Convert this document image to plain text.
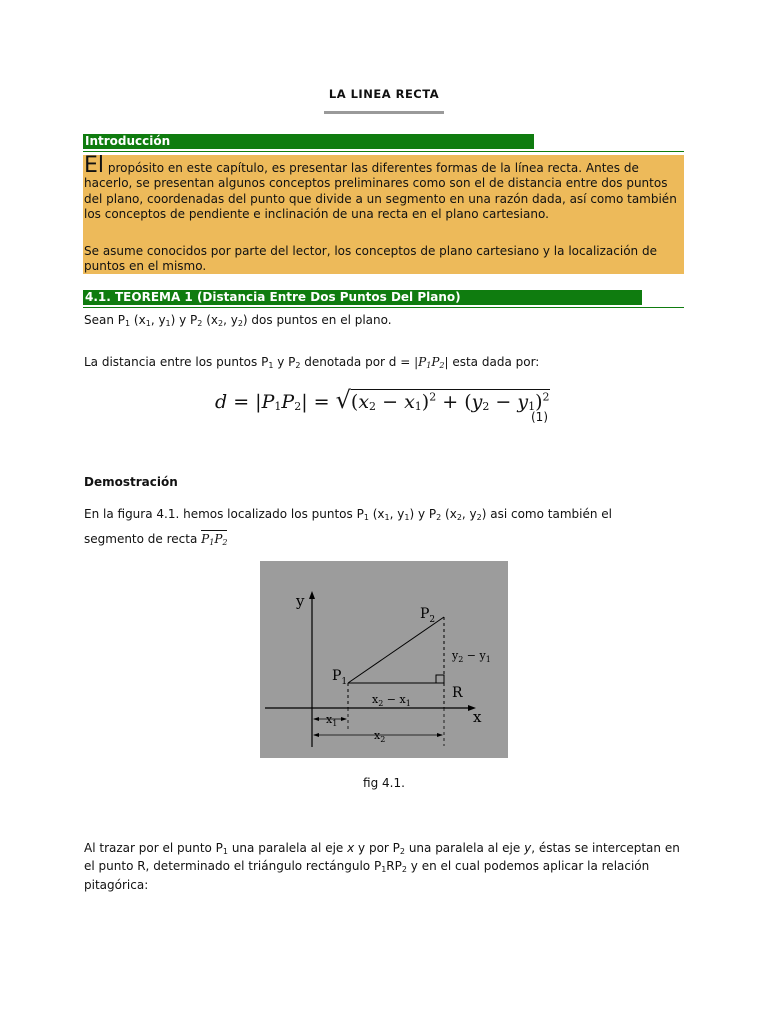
LA LINEA RECTA
Introducción
El propósito en este capítulo, es presentar las diferentes formas de la línea recta. Antes de hacerlo, se presentan algunos conceptos preliminares como son el de distancia entre dos puntos del plano, coordenadas del punto que divide a un segmento en una razón dada, así como también los conceptos de pendiente e inclinación de una recta en el plano cartesiano.
Se asume conocidos por parte del lector, los conceptos de plano cartesiano y la localización de puntos en el mismo.
4.1. TEOREMA 1 (Distancia Entre Dos Puntos Del Plano)
Sean $P_1$ ($x_1$, $y_1$) y $P_2$ ($x_2$, $y_2$) dos puntos en el plano.
La distancia entre los puntos $P_1$ y $P_2$ denotada por $d = |P_1P_2|$ esta dada por:
$d = |P_1P_2| = √(x_2 - x_1)^2 + (y_2 - y_1)^2$
(1)
Demostración
En la figura 4.1. hemos localizado los puntos $P_1$ ($x_1$, $y_1$) y $P_2$ ($x_2$, $y_2$) asi como también el
segmento de recta
$P_1P_2$
y
x
$P_2$
$P_1$
R
$y_2 - y_1$
$x_2 - x_1$
$x_1$
$x_2$
fig 4.1.
Al trazar por el punto $P_1$ una paralela al eje x y por $P_2$ una paralela al eje y, éstas se interceptan en el punto R, determinado el triángulo rectángulo $P_1RP_2$ y en el cual podemos aplicar la relación pitagórica:
